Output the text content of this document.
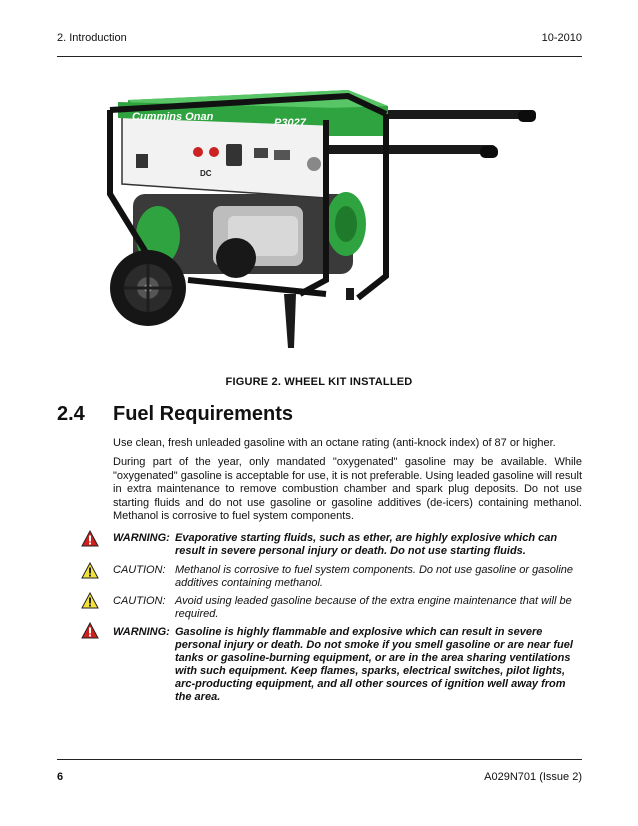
2. Introduction	10-2010
Cummins Onan	P3027
DC
FIGURE 2. WHEEL KIT INSTALLED
2.4 Fuel Requirements
Use clean, fresh unleaded gasoline with an octane rating (anti-knock index) of 87 or higher.
During part of the year, only mandated "oxygenated" gasoline may be available. While "oxygenated" gasoline is acceptable for use, it is not preferable. Using leaded gasoline will result in extra maintenance to remove combustion chamber and spark plug deposits. Do not use starting fluids and do not use gasoline or gasoline additives (de-icers) containing methanol. Methanol is corrosive to fuel system components.
WARNING: Evaporative starting fluids, such as ether, are highly explosive which can result in severe personal injury or death. Do not use starting fluids.
CAUTION: Methanol is corrosive to fuel system components. Do not use gasoline or gasoline additives containing methanol.
CAUTION: Avoid using leaded gasoline because of the extra engine maintenance that will be required.
WARNING: Gasoline is highly flammable and explosive which can result in severe personal injury or death. Do not smoke if you smell gasoline or are near fuel tanks or gasoline-burning equipment, or are in the area sharing ventilations with such equipment. Keep flames, sparks, electrical switches, pilot lights, arc-producting equipment, and all other sources of ignition well away from the area.
6	A029N701 (Issue 2)
